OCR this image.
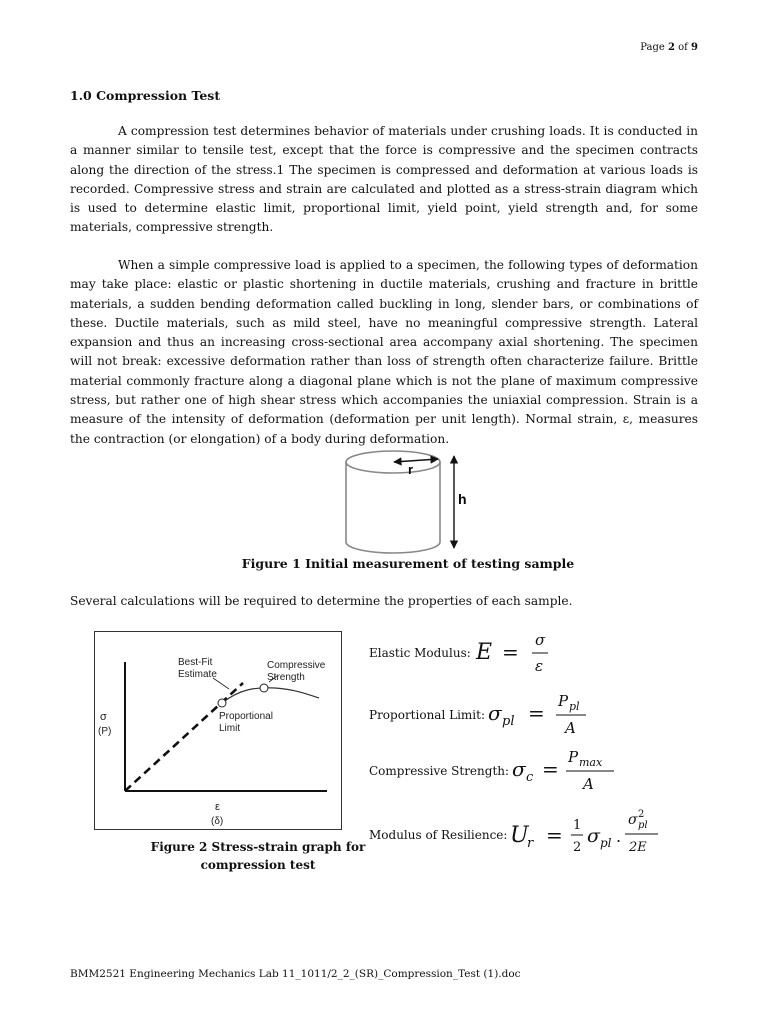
Page 2 of 9
1.0 Compression Test

A compression test determines behavior of materials under crushing loads. It is conducted in a manner similar to tensile test, except that the force is compressive and the specimen contracts along the direction of the stress.1 The specimen is compressed and deformation at various loads is recorded. Compressive stress and strain are calculated and plotted as a stress-strain diagram which is used to determine elastic limit, proportional limit, yield point, yield strength and, for some materials, compressive strength.

When a simple compressive load is applied to a specimen, the following types of deformation may take place: elastic or plastic shortening in ductile materials, crushing and fracture in brittle materials, a sudden bending deformation called buckling in long, slender bars, or combinations of these. Ductile materials, such as mild steel, have no meaningful compressive strength. Lateral expansion and thus an increasing cross-sectional area accompany axial shortening. The specimen will not break: excessive deformation rather than loss of strength often characterize failure. Brittle material commonly fracture along a diagonal plane which is not the plane of maximum compressive stress, but rather one of high shear stress which accompanies the uniaxial compression. Strain is a measure of the intensity of deformation (deformation per unit length). Normal strain, ε, measures the contraction (or elongation) of a body during deformation.

r
h
Figure 1 Initial measurement of testing sample
Several calculations will be required to determine the properties of each sample.
Best-Fit
Estimate
Compressive
Strength
Proportional
Limit
σ
(P)
ε
(δ)
Figure 2 Stress-strain graph for
compression test
Elastic Modulus: E = σ
ε
Proportional Limit: σ pl = P pl
A
Compressive Strength: σ c = P max
A
Modulus of Resilience: U
r = 1
2
σ pl .
σ 2
pl
2E
BMM2521 Engineering Mechanics Lab 11_1011/2_2_(SR)_Compression_Test (1).doc
